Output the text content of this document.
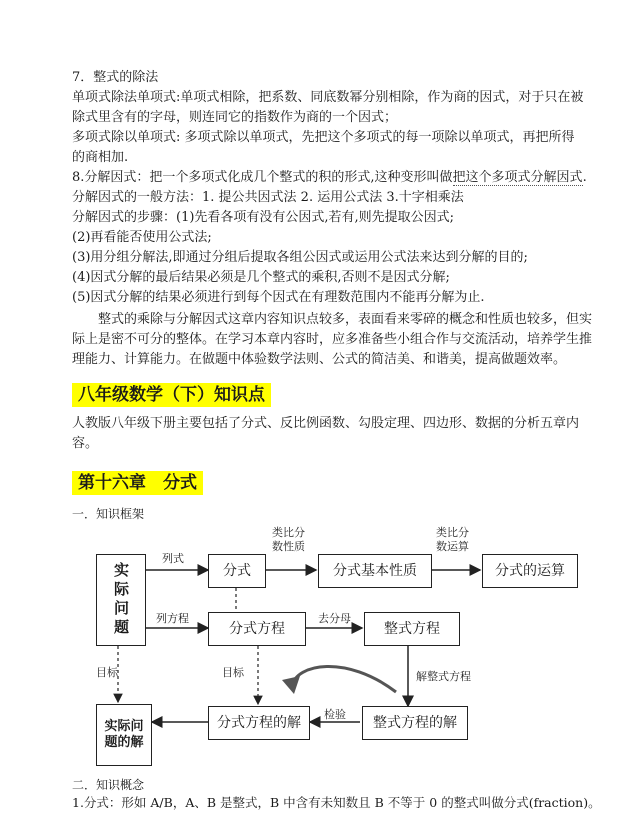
7．整式的除法
单项式除法单项式:单项式相除，把系数、同底数幂分别相除，作为商的因式，对于只在被
除式里含有的字母，则连同它的指数作为商的一个因式；
多项式除以单项式: 多项式除以单项式，先把这个多项式的每一项除以单项式，再把所得
的商相加.
8.分解因式：把一个多项式化成几个整式的积的形式,这种变形叫做把这个多项式分解因式.
分解因式的一般方法：1. 提公共因式法 2. 运用公式法 3.十字相乘法
分解因式的步骤：(1)先看各项有没有公因式,若有,则先提取公因式;
(2)再看能否使用公式法;
(3)用分组分解法,即通过分组后提取各组公因式或运用公式法来达到分解的目的;
(4)因式分解的最后结果必须是几个整式的乘积,否则不是因式分解;
(5)因式分解的结果必须进行到每个因式在有理数范围内不能再分解为止.
整式的乘除与分解因式这章内容知识点较多，表面看来零碎的概念和性质也较多，但实际上是密不可分的整体。在学习本章内容时，应多准备些小组合作与交流活动，培养学生推理能力、计算能力。在做题中体验数学法则、公式的简洁美、和谐美，提高做题效率。
八年级数学（下）知识点
人教版八年级下册主要包括了分式、反比例函数、勾股定理、四边形、数据的分析五章内容。
第十六章　分式
一．知识框架
实际问题	分式	分式基本性质	分式的运算
分式方程	整式方程
实际问题的解
分式方程的解	整式方程的解
列式
类比分
数性质
类比分
数运算
列方程	去分母
目标	目标	解整式方程
检验
二．知识概念
1.分式：形如 A/B，A、B 是整式，B 中含有未知数且 B 不等于 0 的整式叫做分式(fraction)。
